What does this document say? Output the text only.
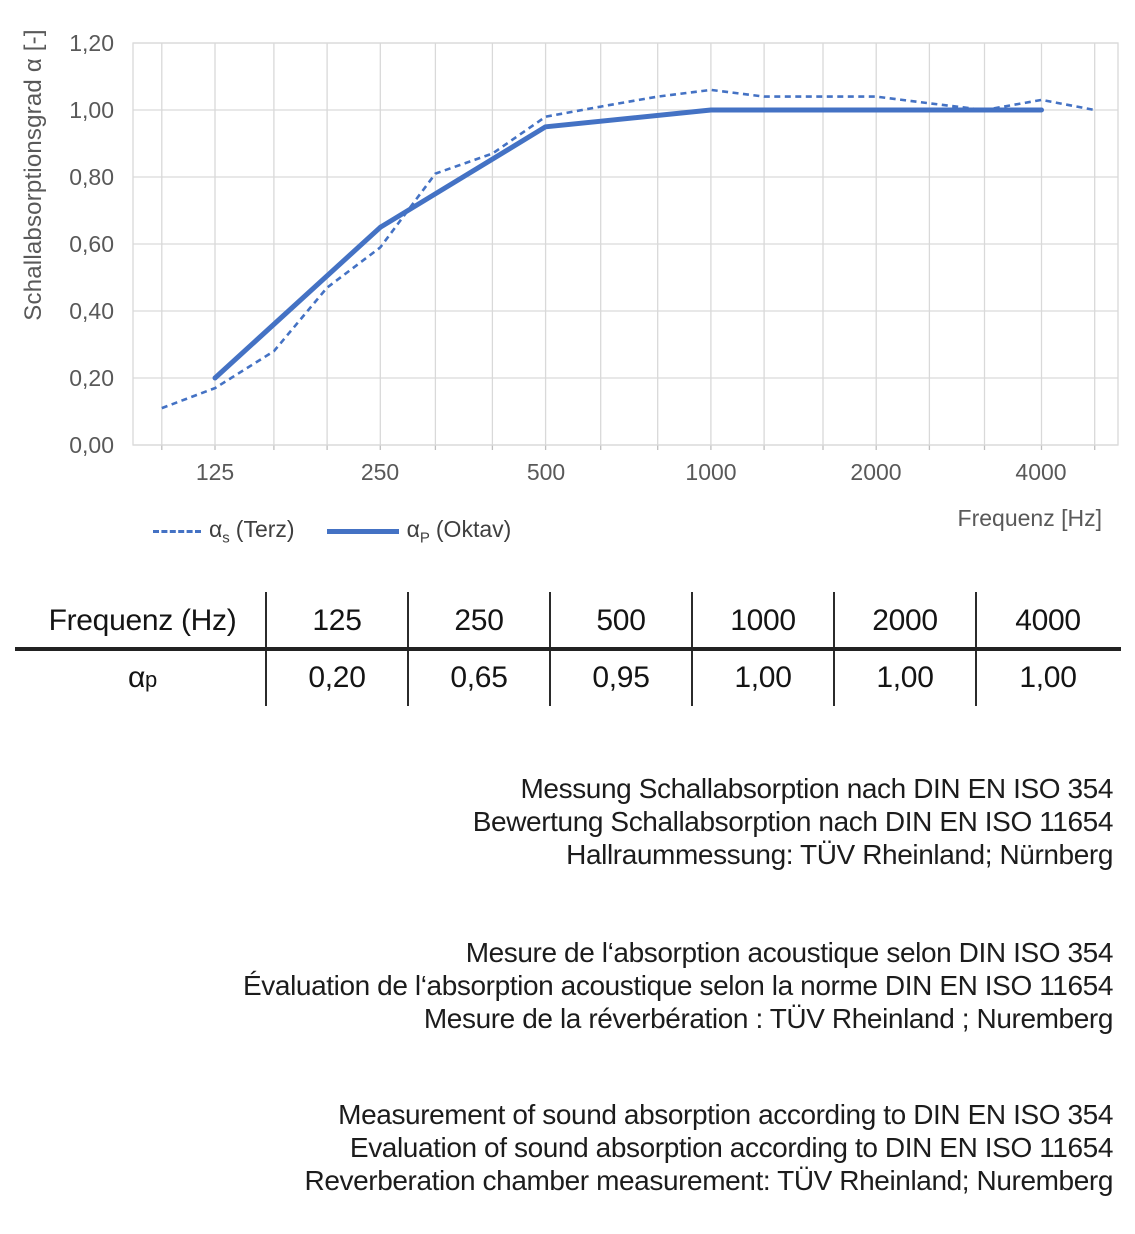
Schallabsorptionsgrad α [-] 1,20
1,00
0,80
0,60
0,40
0,20
0,00
125	250	500	1000	2000	4000
Frequenz [Hz]
$\alpha_s$ (Terz)	$\alpha_P$ (Oktav)
Frequenz (Hz)	125	250	500	1000	2000	4000
$\alpha_p$	0,20	0,65	0,95	1,00	1,00	1,00
Messung Schallabsorption nach DIN EN ISO 354
Bewertung Schallabsorption nach DIN EN ISO 11654
Hallraummessung: TÜV Rheinland; Nürnberg
Mesure de l‘absorption acoustique selon DIN ISO 354
Évaluation de l‘absorption acoustique selon la norme DIN EN ISO 11654
Mesure de la réverbération : TÜV Rheinland ; Nuremberg
Measurement of sound absorption according to DIN EN ISO 354
Evaluation of sound absorption according to DIN EN ISO 11654
Reverberation chamber measurement: TÜV Rheinland; Nuremberg
